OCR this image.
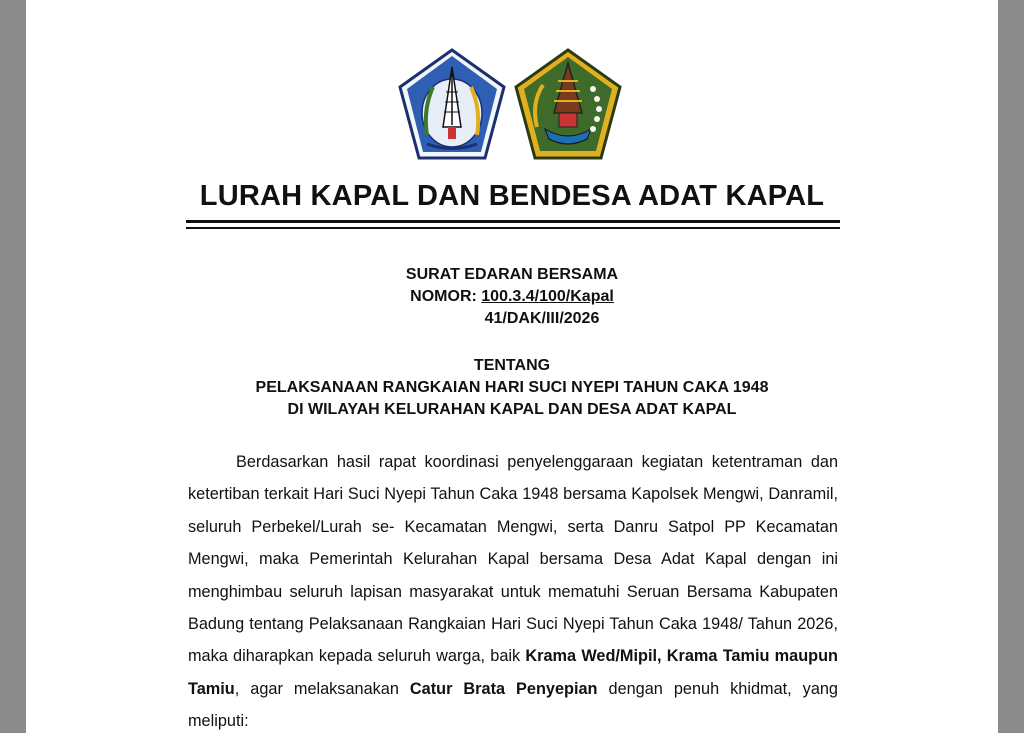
LURAH KAPAL DAN BENDESA ADAT KAPAL
SURAT EDARAN BERSAMA
NOMOR: 100.3.4/100/Kapal
41/DAK/III/2026
TENTANG
PELAKSANAAN RANGKAIAN HARI SUCI NYEPI TAHUN CAKA 1948
DI WILAYAH KELURAHAN KAPAL DAN DESA ADAT KAPAL
Berdasarkan hasil rapat koordinasi penyelenggaraan kegiatan ketentraman dan ketertiban terkait Hari Suci Nyepi Tahun Caka 1948 bersama Kapolsek Mengwi, Danramil, seluruh Perbekel/Lurah se- Kecamatan Mengwi, serta Danru Satpol PP Kecamatan Mengwi, maka Pemerintah Kelurahan Kapal bersama Desa Adat Kapal dengan ini menghimbau seluruh lapisan masyarakat untuk mematuhi Seruan Bersama Kabupaten Badung tentang Pelaksanaan Rangkaian Hari Suci Nyepi Tahun Caka 1948/ Tahun 2026, maka diharapkan kepada seluruh warga, baik Krama Wed/Mipil, Krama Tamiu maupun Tamiu, agar melaksanakan Catur Brata Penyepian dengan penuh khidmat, yang meliputi:
